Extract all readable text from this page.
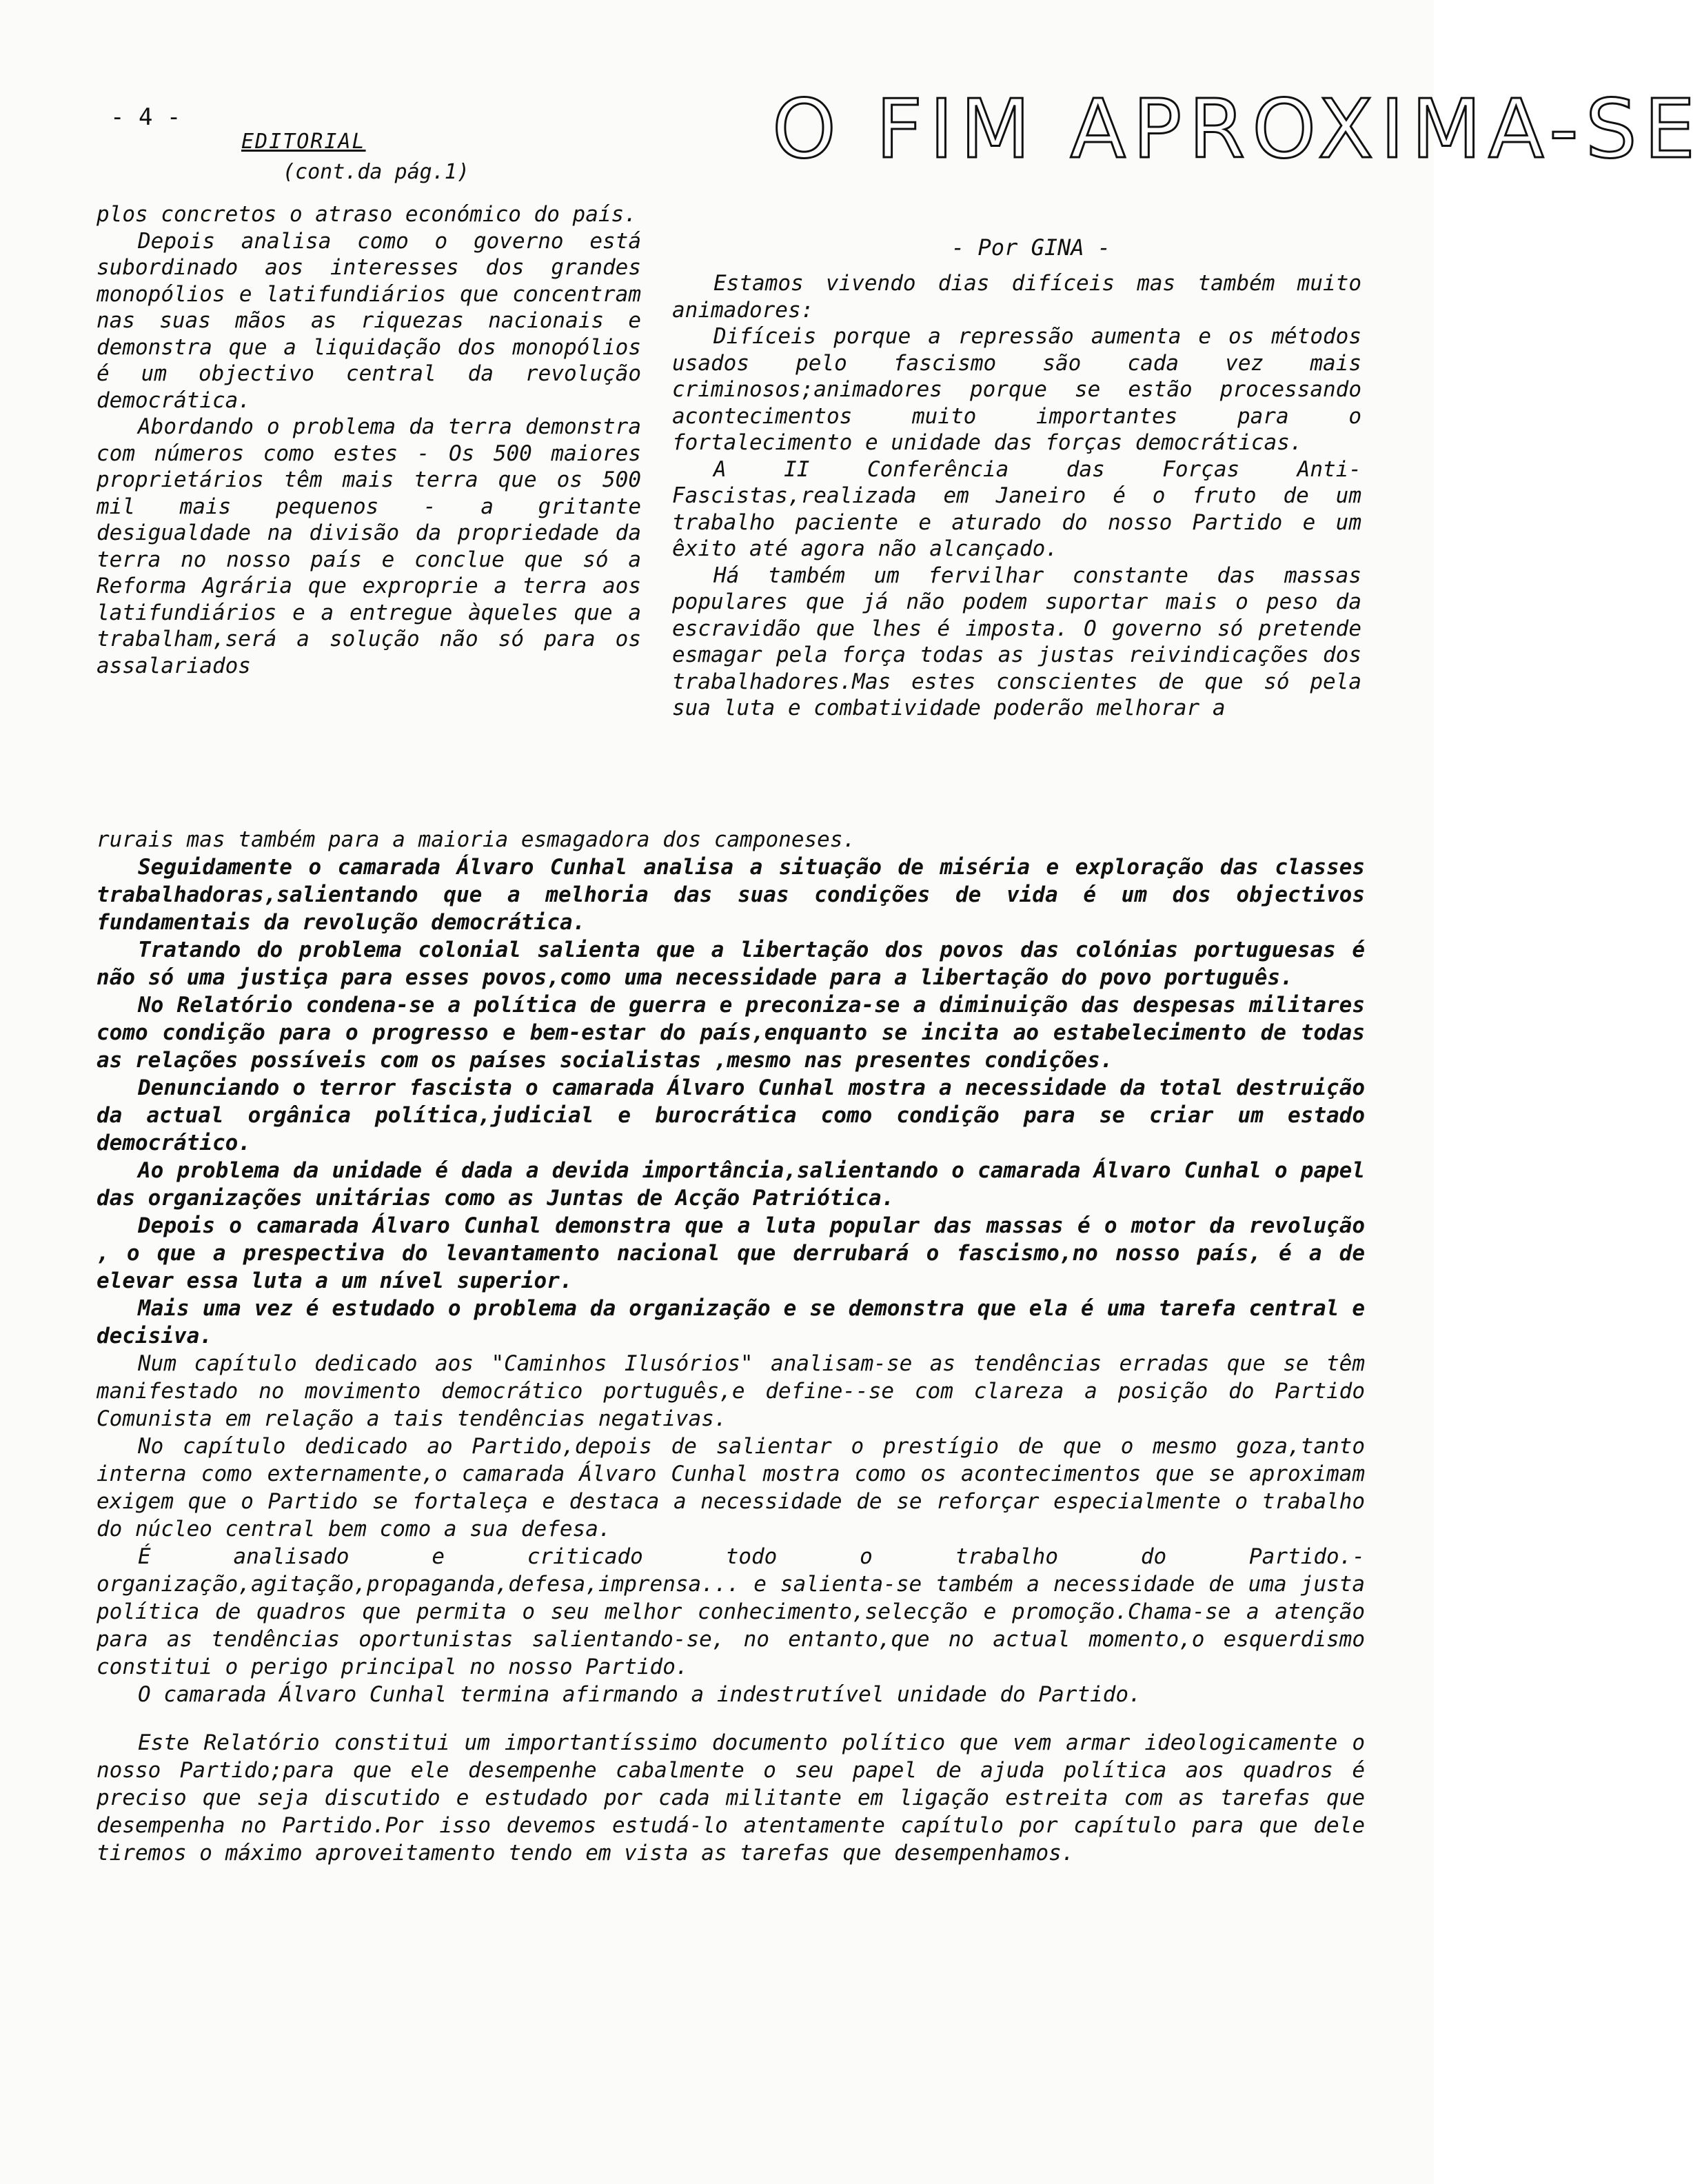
- 4 -
EDITORIAL
(cont.da pág.1)	O FIM APROXIMA-SE
- Por GINA -

plos concretos o atraso económico do país.

Depois analisa como o governo está subordinado aos interesses dos grandes monopólios e latifundiários que concentram nas suas mãos as riquezas nacionais e demonstra que a liquidação dos monopólios é um objectivo central da revolução democrática.

Abordando o problema da terra demonstra com números como estes - Os 500 maiores proprietários têm mais terra que os 500 mil mais pequenos - a gritante desigualdade na divisão da propriedade da terra no nosso país e conclue que só a Reforma Agrária que exproprie a terra aos latifundiários e a entregue àqueles que a trabalham,será a solução não só para os assalariados

Estamos vivendo dias difíceis mas também muito animadores:

Difíceis porque a repressão aumenta e os métodos usados pelo fascismo são cada vez mais criminosos;animadores porque se estão processando acontecimentos muito importantes para o fortalecimento e unidade das forças democráticas.

A II Conferência das Forças Anti-Fascistas,realizada em Janeiro é o fruto de um trabalho paciente e aturado do nosso Partido e um êxito até agora não alcançado.

Há também um fervilhar constante das massas populares que já não podem suportar mais o peso da escravidão que lhes é imposta. O governo só pretende esmagar pela força todas as justas reivindicações dos trabalhadores.Mas estes conscientes de que só pela sua luta e combatividade poderão melhorar a

rurais mas também para a maioria esmagadora dos camponeses.

Seguidamente o camarada Álvaro Cunhal analisa a situação de miséria e exploração das classes trabalhadoras,salientando que a melhoria das suas condições de vida é um dos objectivos fundamentais da revolução democrática.

Tratando do problema colonial salienta que a libertação dos povos das colónias portuguesas é não só uma justiça para esses povos,como uma necessidade para a libertação do povo português.

No Relatório condena-se a política de guerra e preconiza-se a diminuição das despesas militares como condição para o progresso e bem-estar do país,enquanto se incita ao estabelecimento de todas as relações possíveis com os países socialistas ,mesmo nas presentes condições.

Denunciando o terror fascista o camarada Álvaro Cunhal mostra a necessidade da total destruição da actual orgânica política,judicial e burocrática como condição para se criar um estado democrático.

Ao problema da unidade é dada a devida importância,salientando o camarada Álvaro Cunhal o papel das organizações unitárias como as Juntas de Acção Patriótica.

Depois o camarada Álvaro Cunhal demonstra que a luta popular das massas é o motor da revolução , o que a prespectiva do levantamento nacional que derrubará o fascismo,no nosso país, é a de elevar essa luta a um nível superior.

Mais uma vez é estudado o problema da organização e se demonstra que ela é uma tarefa central e decisiva.

Num capítulo dedicado aos "Caminhos Ilusórios" analisam-se as tendências erradas que se têm manifestado no movimento democrático português,e define--se com clareza a posição do Partido Comunista em relação a tais tendências negativas.

No capítulo dedicado ao Partido,depois de salientar o prestígio de que o mesmo goza,tanto interna como externamente,o camarada Álvaro Cunhal mostra como os acontecimentos que se aproximam exigem que o Partido se fortaleça e destaca a necessidade de se reforçar especialmente o trabalho do núcleo central bem como a sua defesa.

É analisado e criticado todo o trabalho do Partido.- organização,agitação,propaganda,defesa,imprensa... e salienta-se também a necessidade de uma justa política de quadros que permita o seu melhor conhecimento,selecção e promoção.Chama-se a atenção para as tendências oportunistas salientando-se, no entanto,que no actual momento,o esquerdismo constitui o perigo principal no nosso Partido.

O camarada Álvaro Cunhal termina afirmando a indestrutível unidade do Partido.

Este Relatório constitui um importantíssimo documento político que vem armar ideologicamente o nosso Partido;para que ele desempenhe cabalmente o seu papel de ajuda política aos quadros é preciso que seja discutido e estudado por cada militante em ligação estreita com as tarefas que desempenha no Partido.Por isso devemos estudá-lo atentamente capítulo por capítulo para que dele tiremos o máximo aproveitamento tendo em vista as tarefas que desempenhamos.
